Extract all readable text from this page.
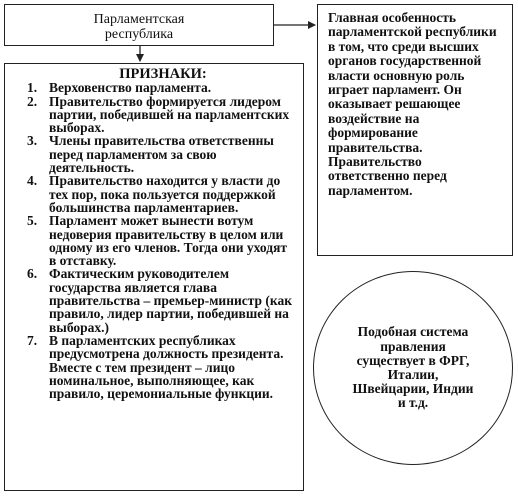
Парламентская
республика
ПРИЗНАКИ:
1. Верховенство парламента.
2. Правительство формируется лидером партии, победившей на парламентских выборах.
3. Члены правительства ответственны перед парламентом за свою деятельность.
4. Правительство находится у власти до тех пор, пока пользуется поддержкой большинства парламентариев.
5. Парламент может вынести вотум недоверия правительству в целом или одному из его членов. Тогда они уходят в отставку.
6. Фактическим руководителем государства является глава правительства – премьер-министр (как правило, лидер партии, победившей на выборах.)
7. В парламентских республиках предусмотрена должность президента. Вместе с тем президент – лицо номинальное, выполняющее, как правило, церемониальные функции.
Главная особенность парламентской республики в том, что среди высших органов государственной власти основную роль играет парламент. Он оказывает решающее воздействие на формирование правительства. Правительство ответственно перед парламентом.
Подобная система правления существует в ФРГ, Италии, Швейцарии, Индии и т.д.
